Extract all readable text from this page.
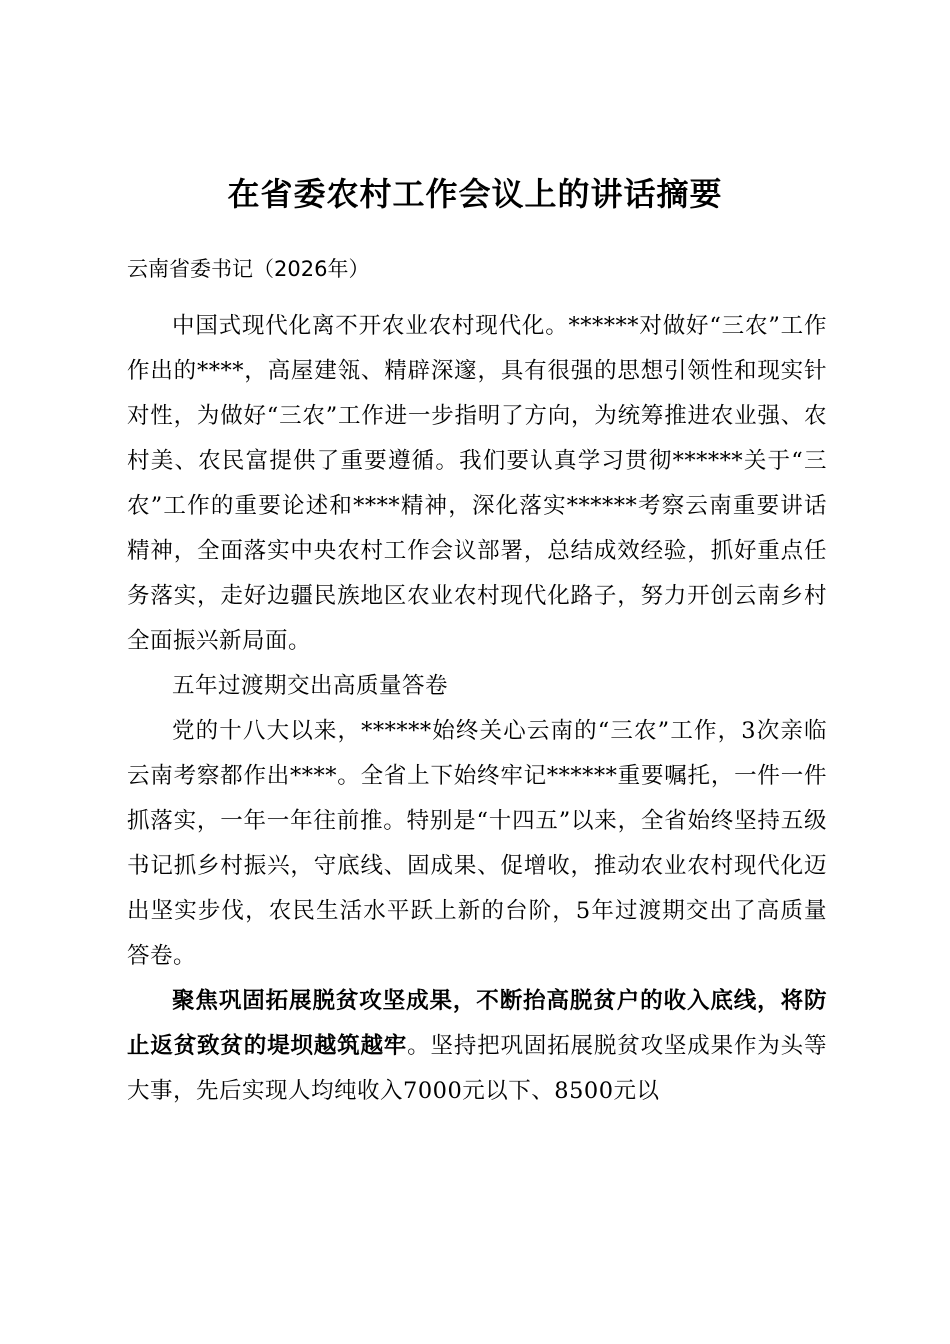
在省委农村工作会议上的讲话摘要

云南省委书记（2026年）

中国式现代化离不开农业农村现代化。******对做好“三农”工作作出的****，高屋建瓴、精辟深邃，具有很强的思想引领性和现实针对性，为做好“三农”工作进一步指明了方向，为统筹推进农业强、农村美、农民富提供了重要遵循。我们要认真学习贯彻******关于“三农”工作的重要论述和****精神，深化落实******考察云南重要讲话精神，全面落实中央农村工作会议部署，总结成效经验，抓好重点任务落实，走好边疆民族地区农业农村现代化路子，努力开创云南乡村全面振兴新局面。

五年过渡期交出高质量答卷

党的十八大以来，******始终关心云南的“三农”工作，3次亲临云南考察都作出****。全省上下始终牢记******重要嘱托，一件一件抓落实，一年一年往前推。特别是“十四五”以来，全省始终坚持五级书记抓乡村振兴，守底线、固成果、促增收，推动农业农村现代化迈出坚实步伐，农民生活水平跃上新的台阶，5年过渡期交出了高质量答卷。

聚焦巩固拓展脱贫攻坚成果，不断抬高脱贫户的收入底线，将防止返贫致贫的堤坝越筑越牢。坚持把巩固拓展脱贫攻坚成果作为头等大事，先后实现人均纯收入7000元以下、8500元以
